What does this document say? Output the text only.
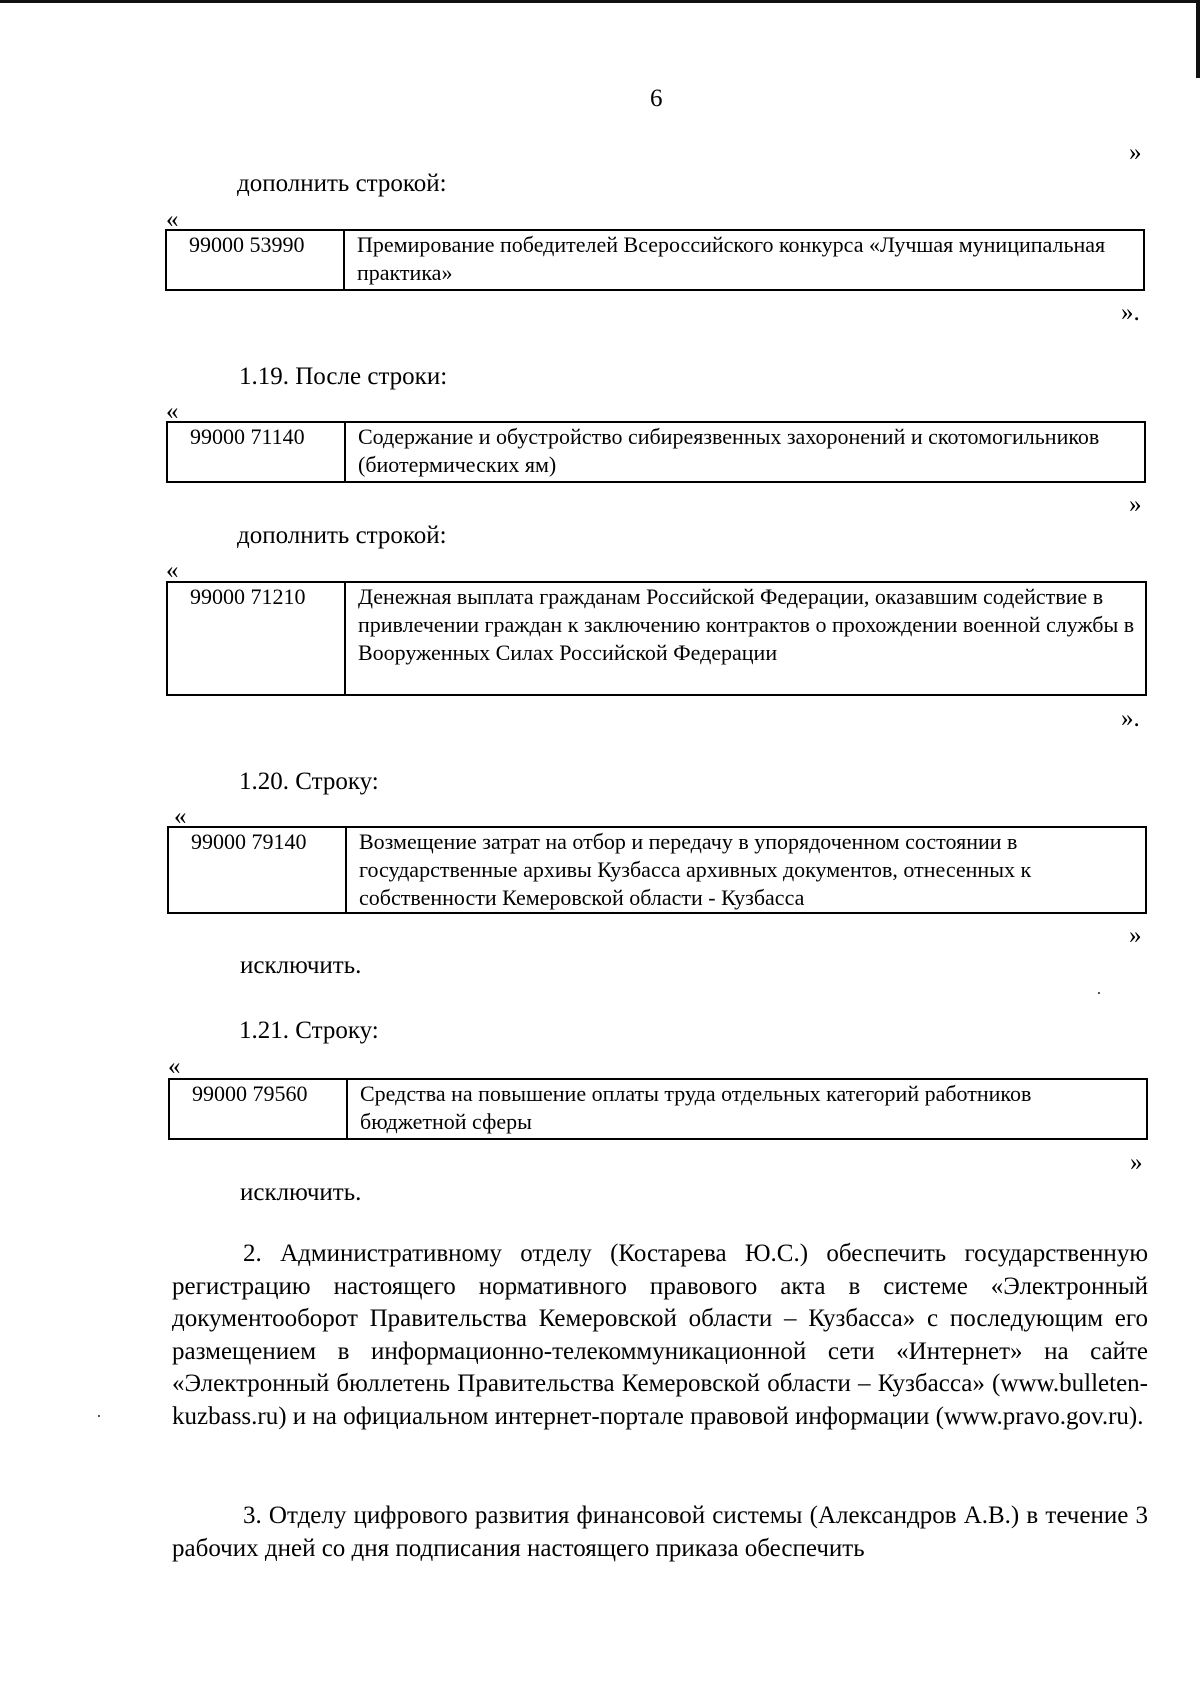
6
»
дополнить строкой:
«
99000 53990	Премирование победителей Всероссийского конкурса «Лучшая муниципальная практика»
».
1.19. После строки:
«
99000 71140	Содержание и обустройство сибиреязвенных захоронений и скотомогильников (биотермических ям)
»
дополнить строкой:
«
99000 71210	Денежная выплата гражданам Российской Федерации, оказавшим содействие в привлечении граждан к заключению контрактов о прохождении военной службы в Вооруженных Силах Российской Федерации
».
1.20. Строку:
«
99000 79140	Возмещение затрат на отбор и передачу в упорядоченном состоянии в государственные архивы Кузбасса архивных документов, отнесенных к собственности Кемеровской области - Кузбасса
»
исключить.
1.21. Строку:
«
99000 79560	Средства на повышение оплаты труда отдельных категорий работников бюджетной сферы
»
исключить.
2. Административному отделу (Костарева Ю.С.) обеспечить государственную регистрацию настоящего нормативного правового акта в системе «Электронный документооборот Правительства Кемеровской области – Кузбасса» с последующим его размещением в информационно-телекоммуникационной сети «Интернет» на сайте «Электронный бюллетень Правительства Кемеровской области – Кузбасса» (www.bulleten-kuzbass.ru) и на официальном интернет-портале правовой информации (www.pravo.gov.ru).
3. Отделу цифрового развития финансовой системы (Александров А.В.) в течение 3 рабочих дней со дня подписания настоящего приказа обеспечить
